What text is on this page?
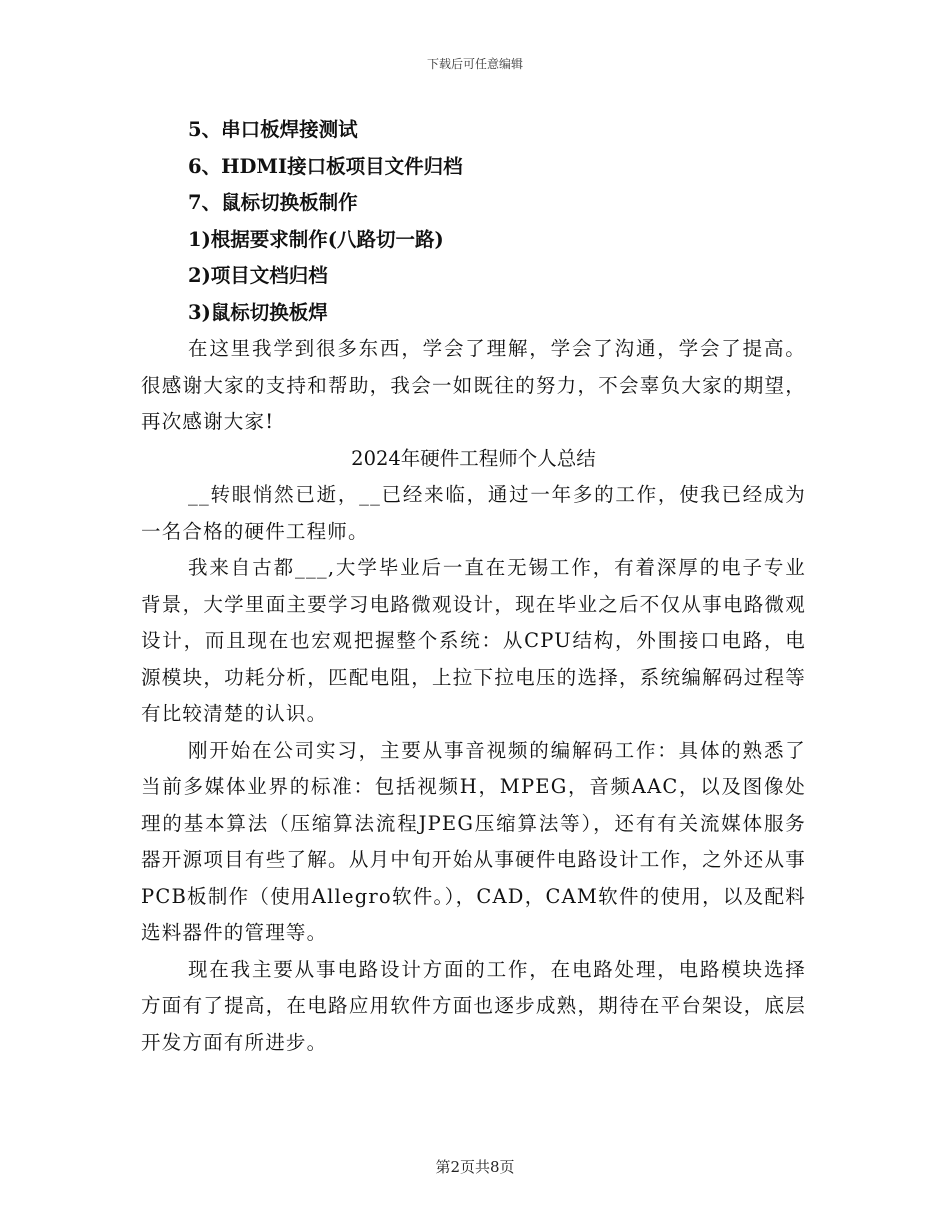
下载后可任意编辑

5、串口板焊接测试

6、HDMI接口板项目文件归档

7、鼠标切换板制作

1)根据要求制作(八路切一路)

2)项目文档归档

3)鼠标切换板焊

在这里我学到很多东西，学会了理解，学会了沟通，学会了提高。很感谢大家的支持和帮助，我会一如既往的努力，不会辜负大家的期望，再次感谢大家!

2024年硬件工程师个人总结

__转眼悄然已逝，__已经来临，通过一年多的工作，使我已经成为一名合格的硬件工程师。

我来自古都___,大学毕业后一直在无锡工作，有着深厚的电子专业背景，大学里面主要学习电路微观设计，现在毕业之后不仅从事电路微观设计，而且现在也宏观把握整个系统：从CPU结构，外围接口电路，电源模块，功耗分析，匹配电阻，上拉下拉电压的选择，系统编解码过程等有比较清楚的认识。

刚开始在公司实习，主要从事音视频的编解码工作：具体的熟悉了当前多媒体业界的标准：包括视频H，MPEG，音频AAC，以及图像处理的基本算法（压缩算法流程JPEG压缩算法等），还有有关流媒体服务器开源项目有些了解。从月中旬开始从事硬件电路设计工作，之外还从事PCB板制作（使用Allegro软件。），CAD，CAM软件的使用，以及配料选料器件的管理等。

现在我主要从事电路设计方面的工作，在电路处理，电路模块选择方面有了提高，在电路应用软件方面也逐步成熟，期待在平台架设，底层开发方面有所进步。

第2页共8页
